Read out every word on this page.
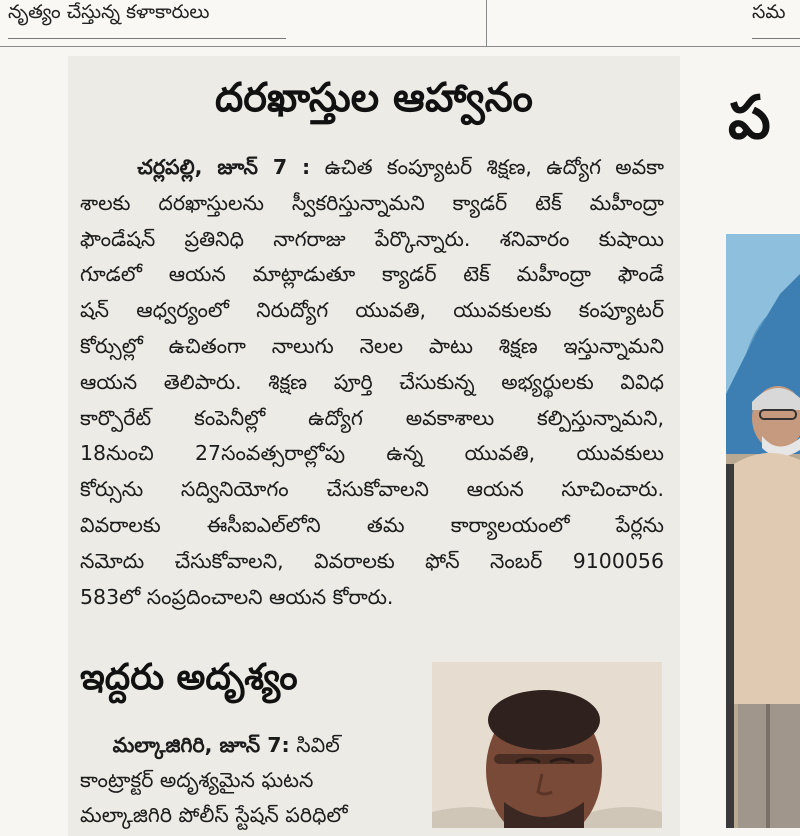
నృత్యం చేస్తున్న కళాకారులు	సమ
దరఖాస్తుల ఆహ్వానం
చర్లపల్లి, జూన్‌ 7 : ఉచిత కంప్యూటర్‌ శిక్షణ, ఉద్యోగ అవకా
శాలకు దరఖాస్తులను స్వీకరిస్తున్నామని క్యాడర్‌ టెక్‌ మహీంద్రా
ఫౌండేషన్‌ ప్రతినిధి నాగరాజు పేర్కొన్నారు. శనివారం కుషాయి
గూడలో ఆయన మాట్లాడుతూ క్యాడర్‌ టెక్‌ మహీంద్రా ఫౌండే
షన్‌ ఆధ్వర్యంలో నిరుద్యోగ యువతి, యువకులకు కంప్యూటర్‌
కోర్సుల్లో ఉచితంగా నాలుగు నెలల పాటు శిక్షణ ఇస్తున్నామని
ఆయన తెలిపారు. శిక్షణ పూర్తి చేసుకున్న అభ్యర్థులకు వివిధ
కార్పొరేట్‌ కంపెనీల్లో ఉద్యోగ అవకాశాలు కల్పిస్తున్నామని,
18నుంచి 27సంవత్సరాల్లోపు ఉన్న యువతి, యువకులు
కోర్సును సద్వినియోగం చేసుకోవాలని ఆయన సూచించారు.
వివరాలకు ఈసీఐఎల్‌లోని తమ కార్యాలయంలో పేర్లను
నమోదు చేసుకోవాలని, వివరాలకు ఫోన్‌ నెంబర్‌ 9100056
583లో సంప్రదించాలని ఆయన కోరారు.
ఇద్దరు అదృశ్యం
మల్కాజిగిరి, జూన్‌ 7: సివిల్‌
కాంట్రాక్టర్‌ అదృశ్యమైన ఘటన
మల్కాజిగిరి పోలీస్‌ స్టేషన్‌ పరిధిలో
ప
